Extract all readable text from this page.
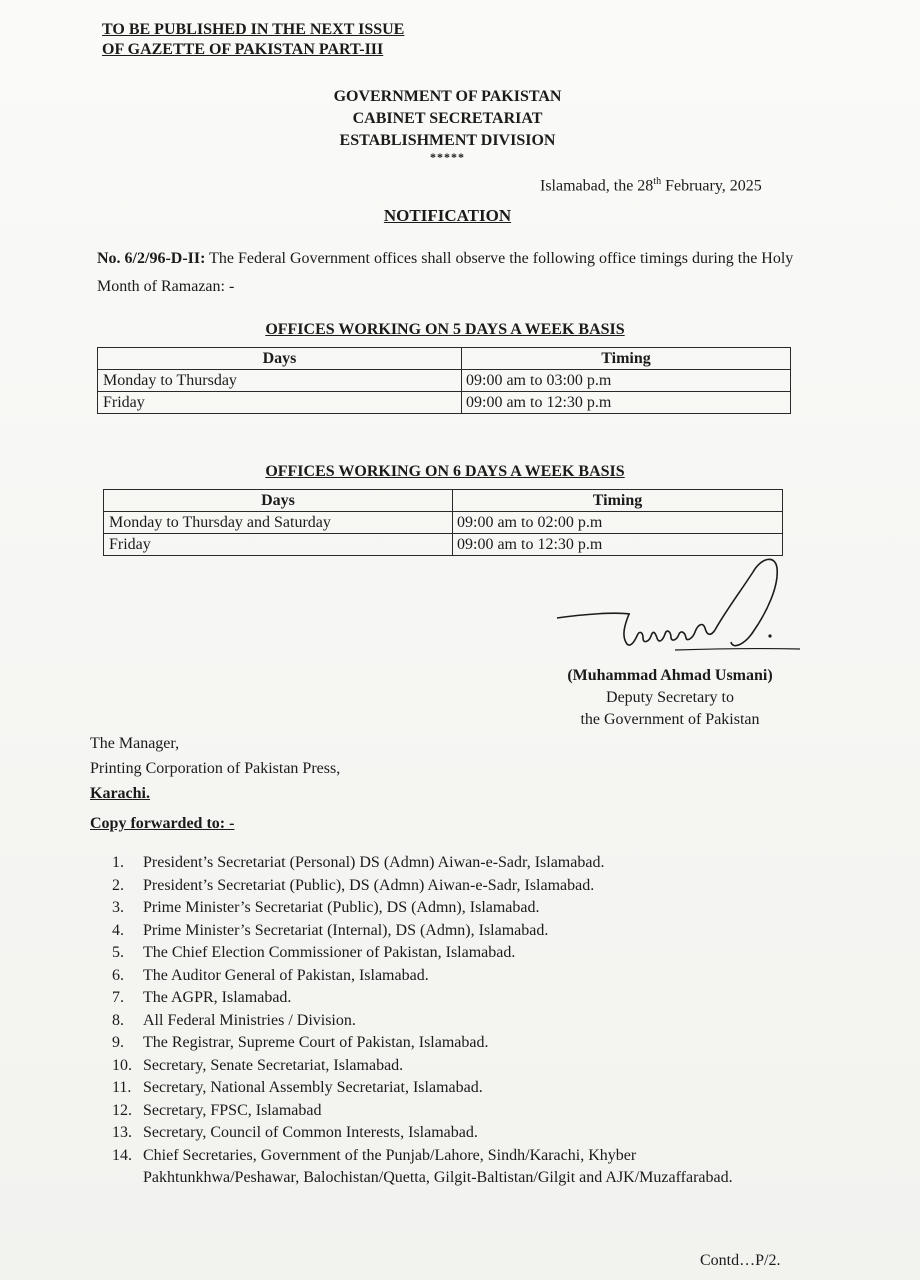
TO BE PUBLISHED IN THE NEXT ISSUE
OF GAZETTE OF PAKISTAN PART-III
GOVERNMENT OF PAKISTAN
CABINET SECRETARIAT
ESTABLISHMENT DIVISION
*****
Islamabad, the 28th February, 2025
NOTIFICATION
No. 6/2/96-D-II: The Federal Government offices shall observe the following office timings during the Holy Month of Ramazan: -
OFFICES WORKING ON 5 DAYS A WEEK BASIS
Days	Timing
Monday to Thursday	09:00 am to 03:00 p.m
Friday	09:00 am to 12:30 p.m
OFFICES WORKING ON 6 DAYS A WEEK BASIS
Days	Timing
Monday to Thursday and Saturday	09:00 am to 02:00 p.m
Friday	09:00 am to 12:30 p.m
(Muhammad Ahmad Usmani)
Deputy Secretary to
the Government of Pakistan
The Manager,
Printing Corporation of Pakistan Press,
Karachi.
Copy forwarded to: -
1.	President’s Secretariat (Personal) DS (Admn) Aiwan-e-Sadr, Islamabad.
2.	President’s Secretariat (Public), DS (Admn) Aiwan-e-Sadr, Islamabad.
3.	Prime Minister’s Secretariat (Public), DS (Admn), Islamabad.
4.	Prime Minister’s Secretariat (Internal), DS (Admn), Islamabad.
5.	The Chief Election Commissioner of Pakistan, Islamabad.
6.	The Auditor General of Pakistan, Islamabad.
7.	The AGPR, Islamabad.
8.	All Federal Ministries / Division.
9.	The Registrar, Supreme Court of Pakistan, Islamabad.
10. Secretary, Senate Secretariat, Islamabad.
11. Secretary, National Assembly Secretariat, Islamabad.
12. Secretary, FPSC, Islamabad
13. Secretary, Council of Common Interests, Islamabad.
14. Chief Secretaries, Government of the Punjab/Lahore, Sindh/Karachi, Khyber Pakhtunkhwa/Peshawar, Balochistan/Quetta, Gilgit-Baltistan/Gilgit and AJK/Muzaffarabad.
Contd…P/2.
